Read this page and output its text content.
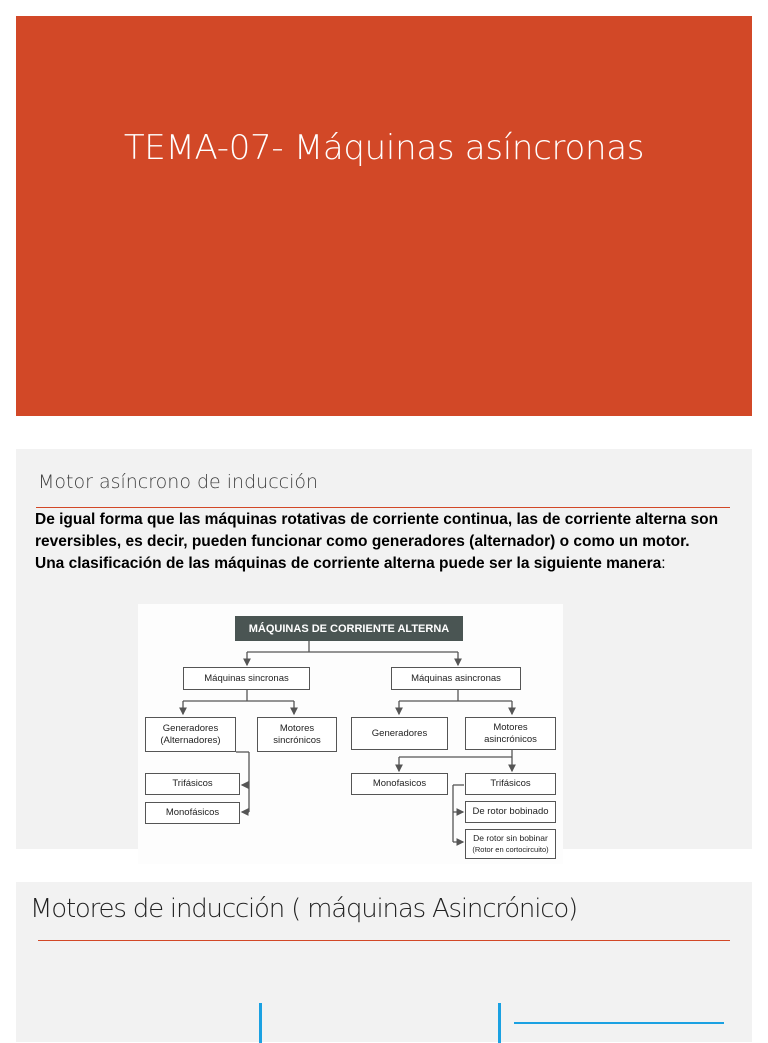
TEMA-07- Máquinas asíncronas
Motor asíncrono de inducción

De igual forma que las máquinas rotativas de corriente continua, las de corriente alterna son reversibles, es decir, pueden funcionar como generadores (alternador) o como un motor.

Una clasificación de las máquinas de corriente alterna puede ser la siguiente manera:

MÁQUINAS DE CORRIENTE ALTERNA
Máquinas sincronas	Máquinas asincronas
Generadores
(Alternadores)
Motores
sincrónicos
Trifásicos
Monofásicos
Generadores
Motores
asincrónicos
Monofasicos	Trifásicos
De rotor bobinado
De rotor sin bobinar
(Rotor en cortocircuito)
Motores de inducción ( máquinas Asincrónico)
